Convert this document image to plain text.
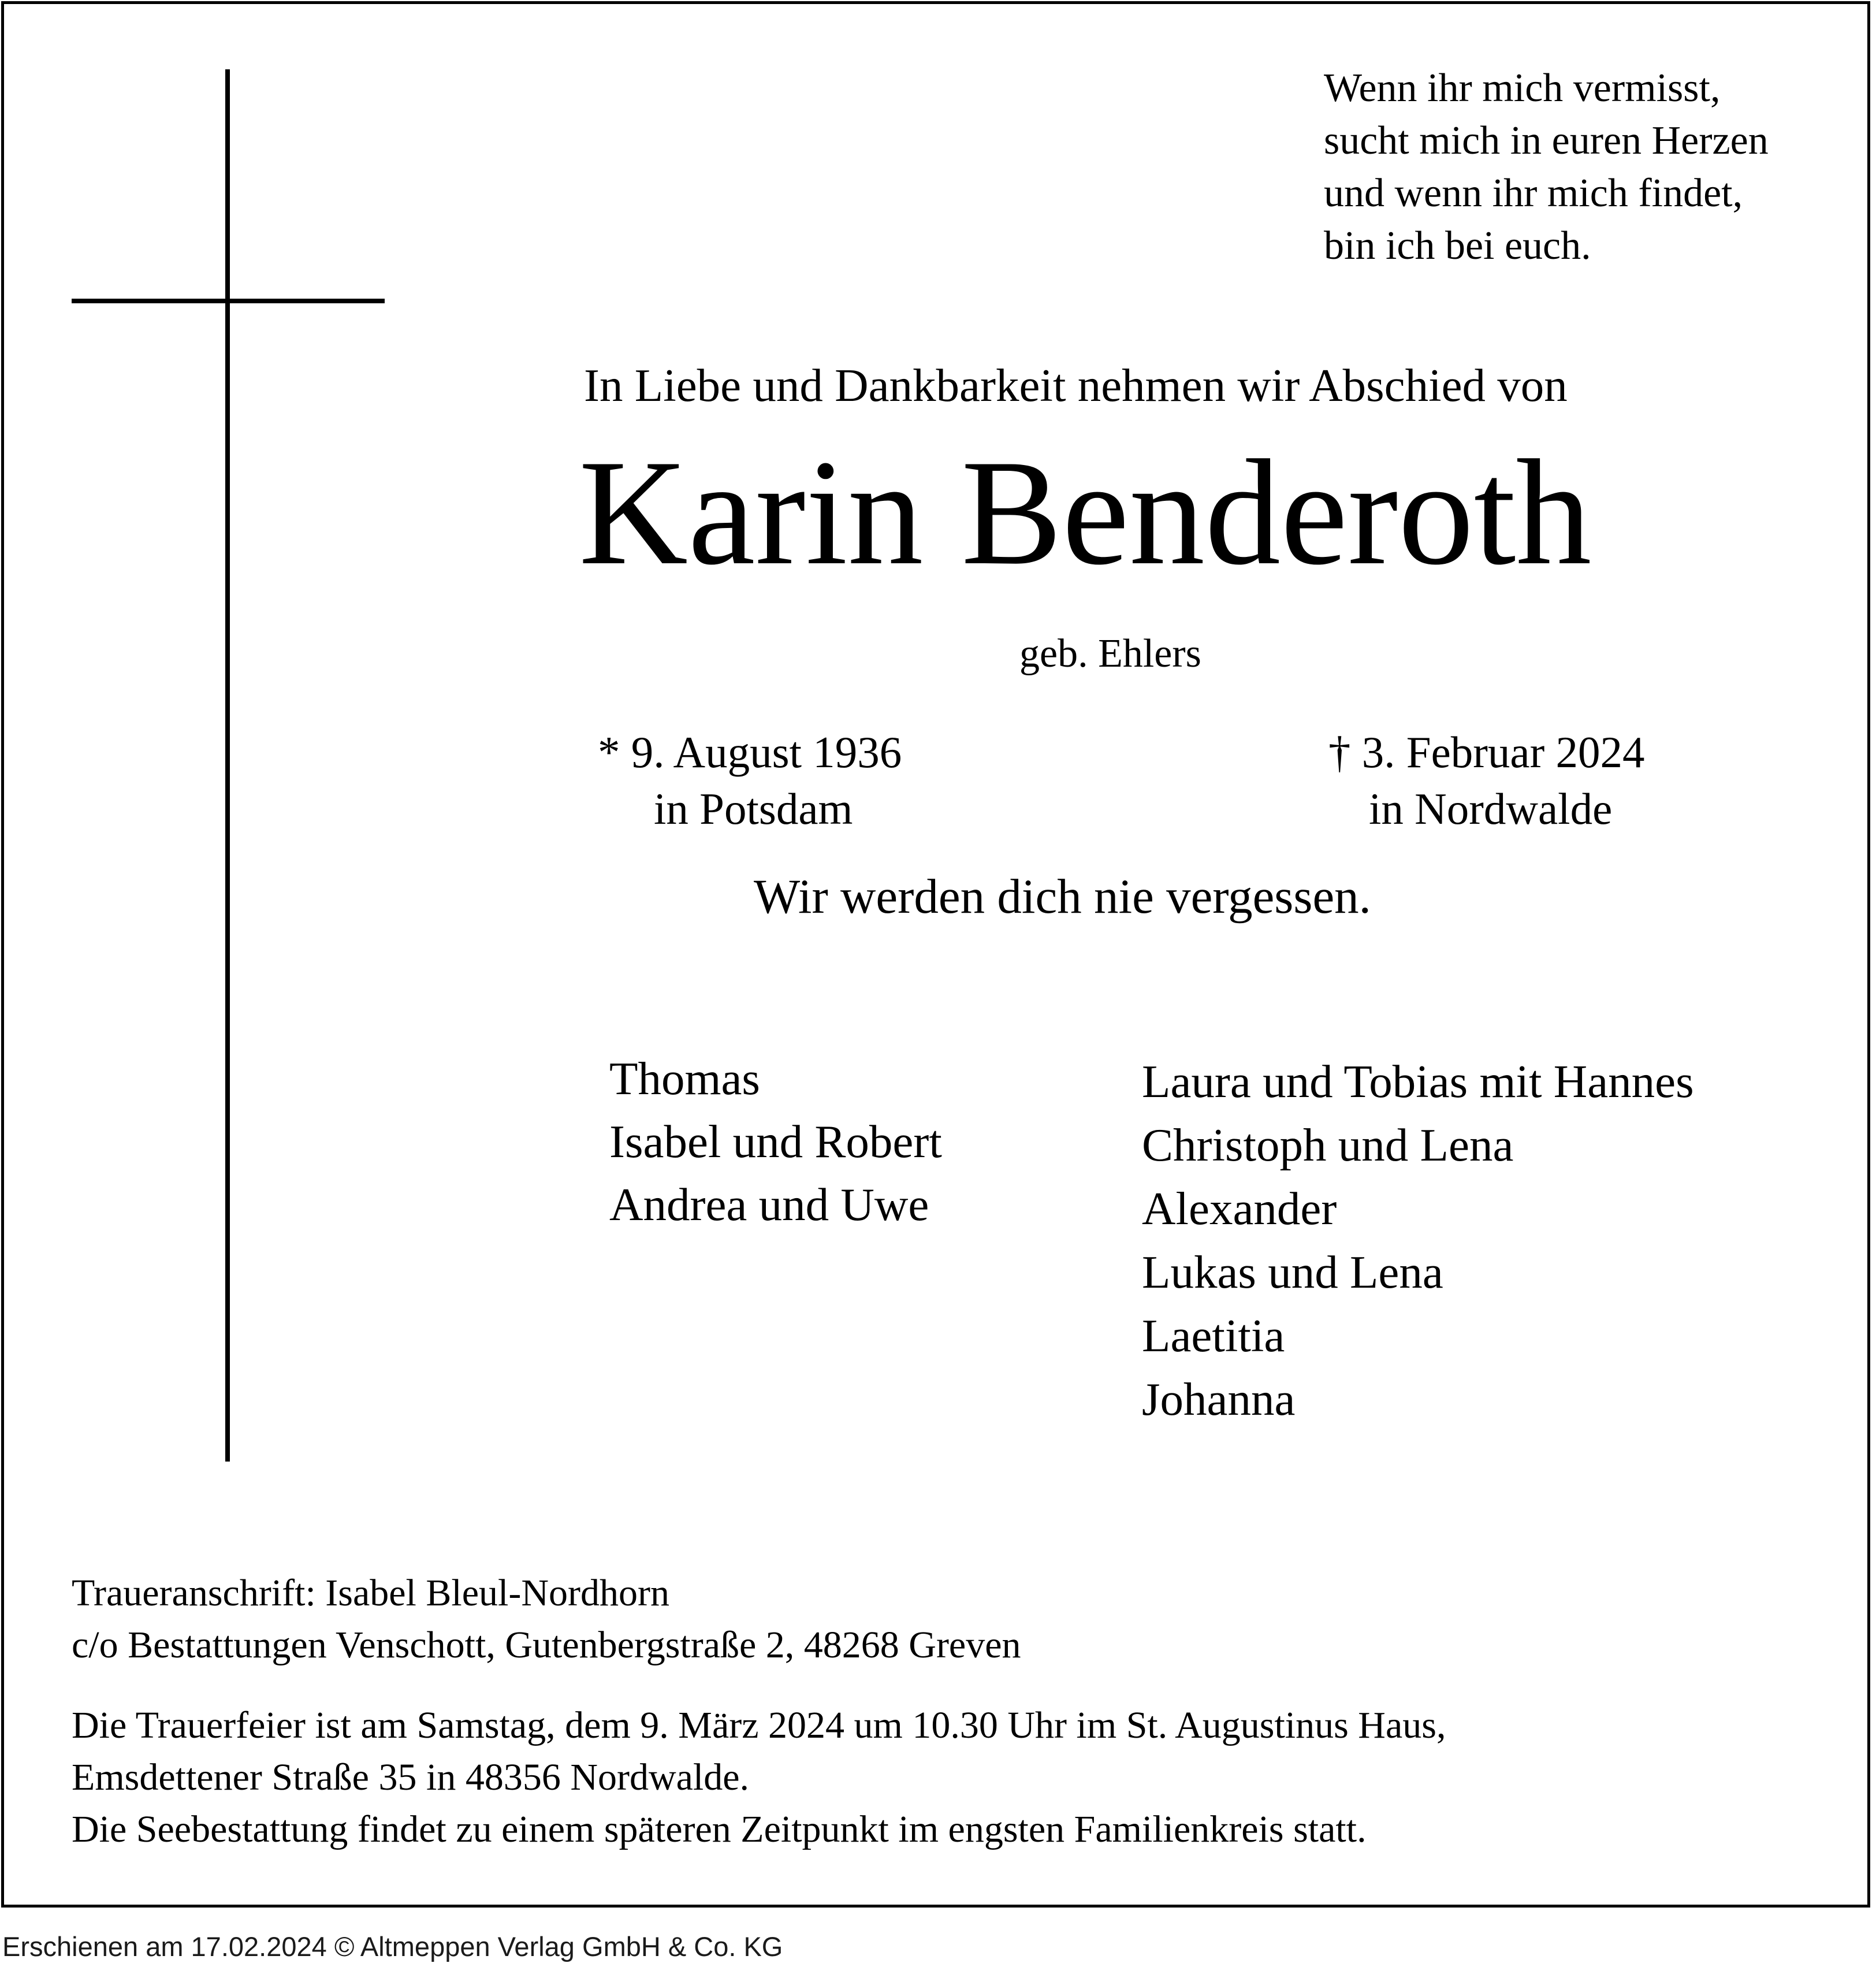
Wenn ihr mich vermisst,
sucht mich in euren Herzen
und wenn ihr mich findet,
bin ich bei euch.
In Liebe und Dankbarkeit nehmen wir Abschied von
Karin Benderoth
geb. Ehlers
* 9. August 1936
in Potsdam
† 3. Februar 2024
in Nordwalde
Wir werden dich nie vergessen.
Thomas
Isabel und Robert
Andrea und Uwe
Laura und Tobias mit Hannes
Christoph und Lena
Alexander
Lukas und Lena
Laetitia
Johanna
Traueranschrift: Isabel Bleul-Nordhorn
c/o Bestattungen Venschott, Gutenbergstraße 2, 48268 Greven
Die Trauerfeier ist am Samstag, dem 9. März 2024 um 10.30 Uhr im St. Augustinus Haus,
Emsdettener Straße 35 in 48356 Nordwalde.
Die Seebestattung findet zu einem späteren Zeitpunkt im engsten Familienkreis statt.
Erschienen am 17.02.2024 © Altmeppen Verlag GmbH & Co. KG
